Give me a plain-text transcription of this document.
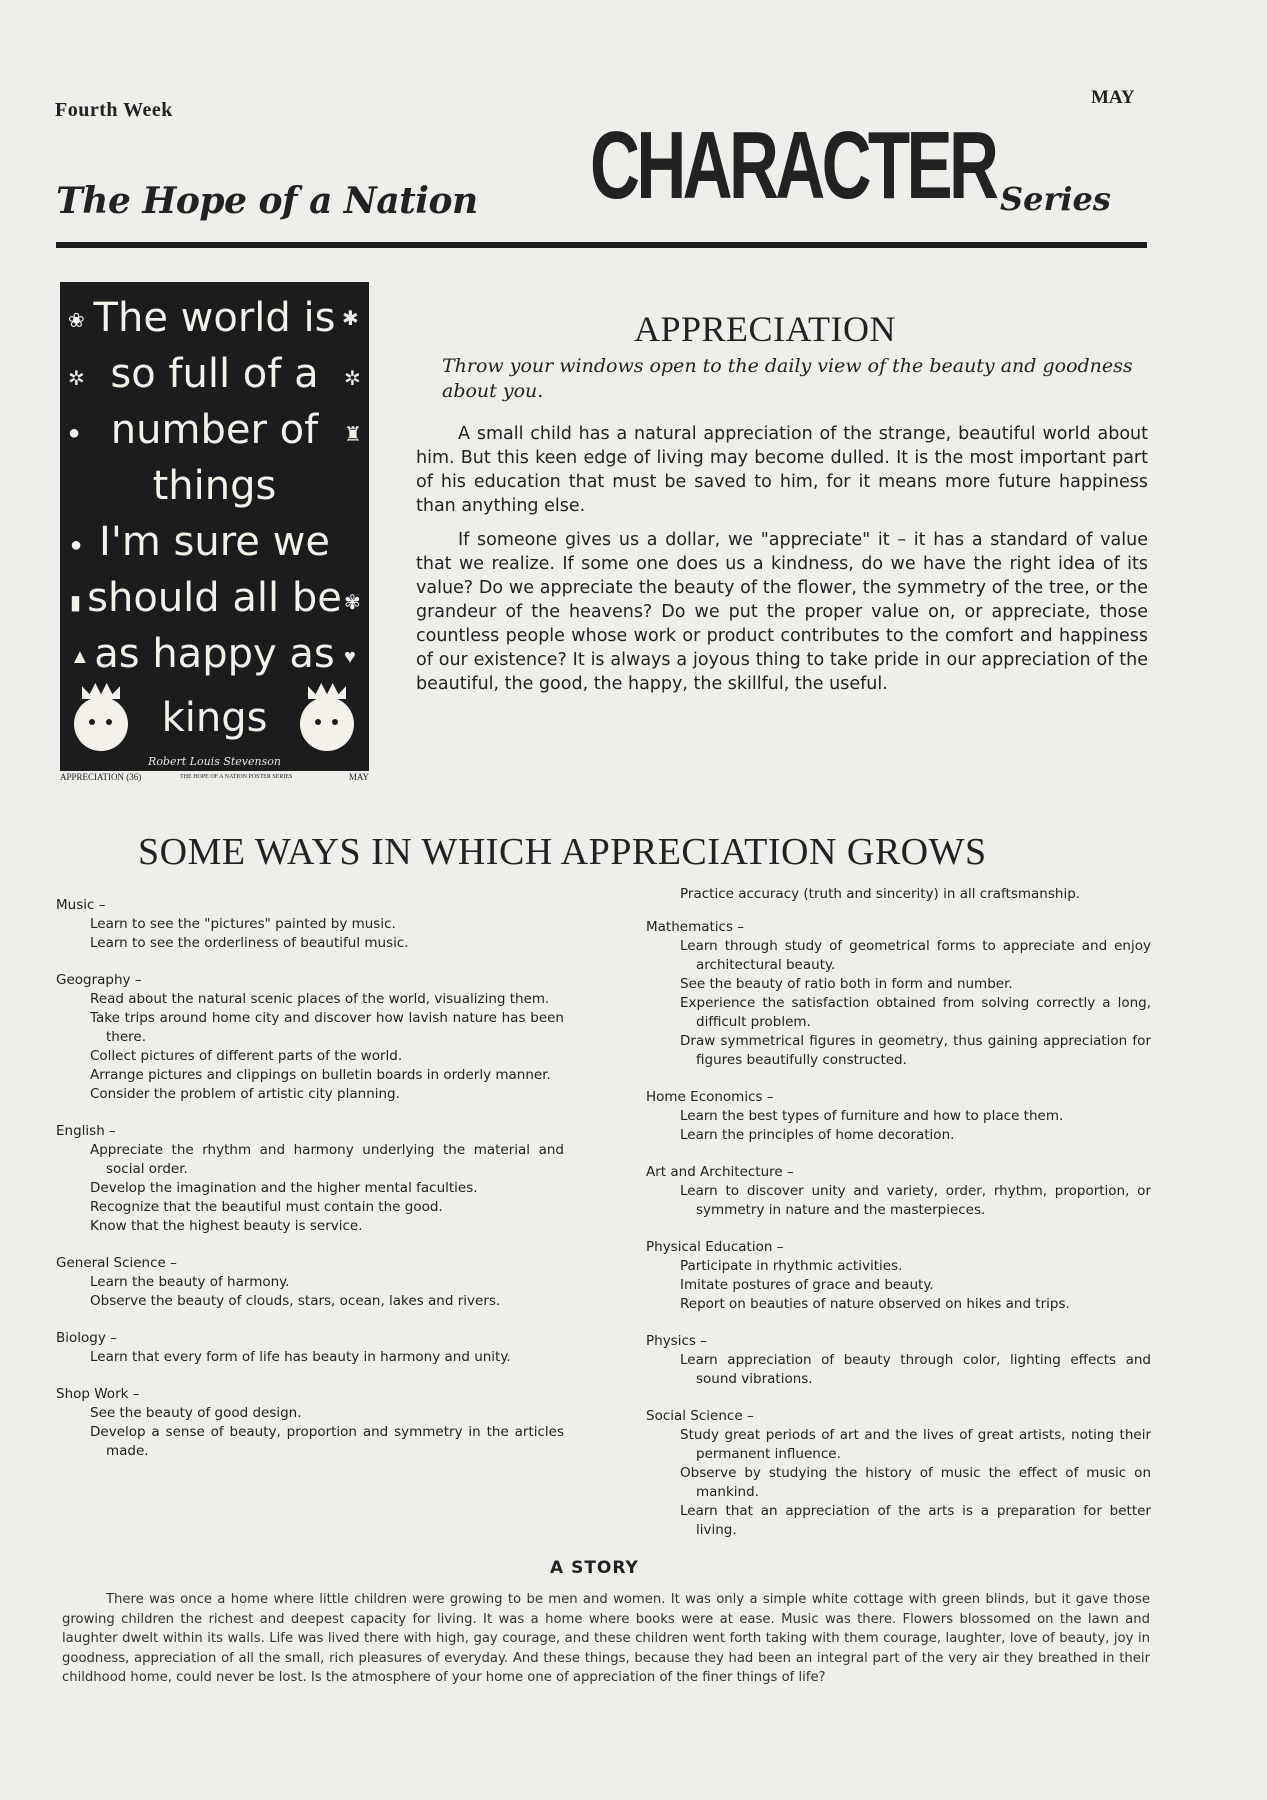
Fourth Week
MAY
The Hope of a Nation CHARACTER Series
The world is
so full of a
number of
things
I'm sure we
should all be
as happy as
kings
❀	✱
✲	✲
●	♜
●
▮	✾
▲	♥
Robert Louis Stevenson
APPRECIATION (36)	THE HOPE OF A NATION POSTER SERIES	MAY
APPRECIATION
Throw your windows open to the daily view of the beauty and goodness about you.

A small child has a natural appreciation of the strange, beautiful world about him. But this keen edge of living may become dulled. It is the most important part of his education that must be saved to him, for it means more future happiness than anything else.

If someone gives us a dollar, we "appreciate" it – it has a standard of value that we realize. If some one does us a kindness, do we have the right idea of its value? Do we appreciate the beauty of the flower, the symmetry of the tree, or the grandeur of the heavens? Do we put the proper value on, or appreciate, those countless people whose work or product contributes to the comfort and happiness of our existence? It is always a joyous thing to take pride in our appreciation of the beautiful, the good, the happy, the skillful, the useful.

SOME WAYS IN WHICH APPRECIATION GROWS
Music –
Learn to see the "pictures" painted by music.
Learn to see the orderliness of beautiful music.
Geography –
Read about the natural scenic places of the world, visualizing them.
Take trips around home city and discover how lavish nature has been there.
Collect pictures of different parts of the world.
Arrange pictures and clippings on bulletin boards in orderly manner.
Consider the problem of artistic city planning.
English –
Appreciate the rhythm and harmony underlying the material and social order.
Develop the imagination and the higher mental faculties.
Recognize that the beautiful must contain the good.
Know that the highest beauty is service.
General Science –
Learn the beauty of harmony.
Observe the beauty of clouds, stars, ocean, lakes and rivers.
Biology –
Learn that every form of life has beauty in harmony and unity.
Shop Work –
See the beauty of good design.
Develop a sense of beauty, proportion and symmetry in the articles made.
Practice accuracy (truth and sincerity) in all craftsmanship.
Mathematics –
Learn through study of geometrical forms to appreciate and enjoy architectural beauty.
See the beauty of ratio both in form and number.
Experience the satisfaction obtained from solving correctly a long, difficult problem.
Draw symmetrical figures in geometry, thus gaining appreciation for figures beautifully constructed.
Home Economics –
Learn the best types of furniture and how to place them.
Learn the principles of home decoration.
Art and Architecture –
Learn to discover unity and variety, order, rhythm, proportion, or symmetry in nature and the masterpieces.
Physical Education –
Participate in rhythmic activities.
Imitate postures of grace and beauty.
Report on beauties of nature observed on hikes and trips.
Physics –
Learn appreciation of beauty through color, lighting effects and sound vibrations.
Social Science –
Study great periods of art and the lives of great artists, noting their permanent influence.
Observe by studying the history of music the effect of music on mankind.
Learn that an appreciation of the arts is a preparation for better living.
A STORY
There was once a home where little children were growing to be men and women. It was only a simple white cottage with green blinds, but it gave those growing children the richest and deepest capacity for living. It was a home where books were at ease. Music was there. Flowers blossomed on the lawn and laughter dwelt within its walls. Life was lived there with high, gay courage, and these children went forth taking with them courage, laughter, love of beauty, joy in goodness, appreciation of all the small, rich pleasures of everyday. And these things, because they had been an integral part of the very air they breathed in their childhood home, could never be lost. Is the atmosphere of your home one of appreciation of the finer things of life?
